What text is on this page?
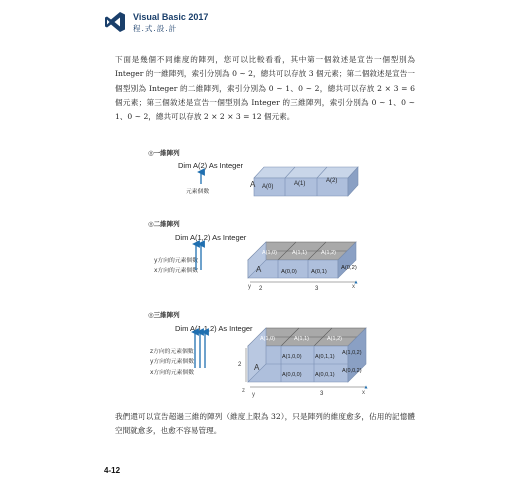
Visual Basic 2017
程.式.設.計
下面是幾個不同維度的陣列，您可以比較看看，其中第一個敘述是宣告一個型別為 Integer 的一維陣列，索引分別為 0 ~ 2，總共可以存放 3 個元素；第二個敘述是宣告一個型別為 Integer 的二維陣列，索引分別為 0 ~ 1、0 ~ 2，總共可以存放 2 × 3 = 6 個元素；第三個敘述是宣告一個型別為 Integer 的三維陣列，索引分別為 0 ~ 1、0 ~ 1、0 ~ 2，總共可以存放 2 × 2 × 3 = 12 個元素。
◎一維陣列
Dim A(2) As Integer
元素個數
A A(0)	A(1)	A(2)
◎二維陣列
Dim A(1,2) As Integer
y方向的元素個數
x方向的元素個數	A
A(1,0)	A(1,1)	A(1,2)
A(0,0) A(0,1)
A(0,2)
y 2	3	x
◎三維陣列
Dim A(1,1,2) As Integer
z方向的元素個數
y方向的元素個數
x方向的元素個數
A
A(1,0)	A(1,1)	A(1,2)
A(1,0,0) A(0,1,1)
A(1,0,2)
A(0,0,0) A(0,0,1)
A(0,0,2)
2
z
y	3	x
我們還可以宣告超過三維的陣列（維度上限為 32），只是陣列的維度愈多，佔用的記憶體空間就愈多，也愈不容易管理。
4-12
